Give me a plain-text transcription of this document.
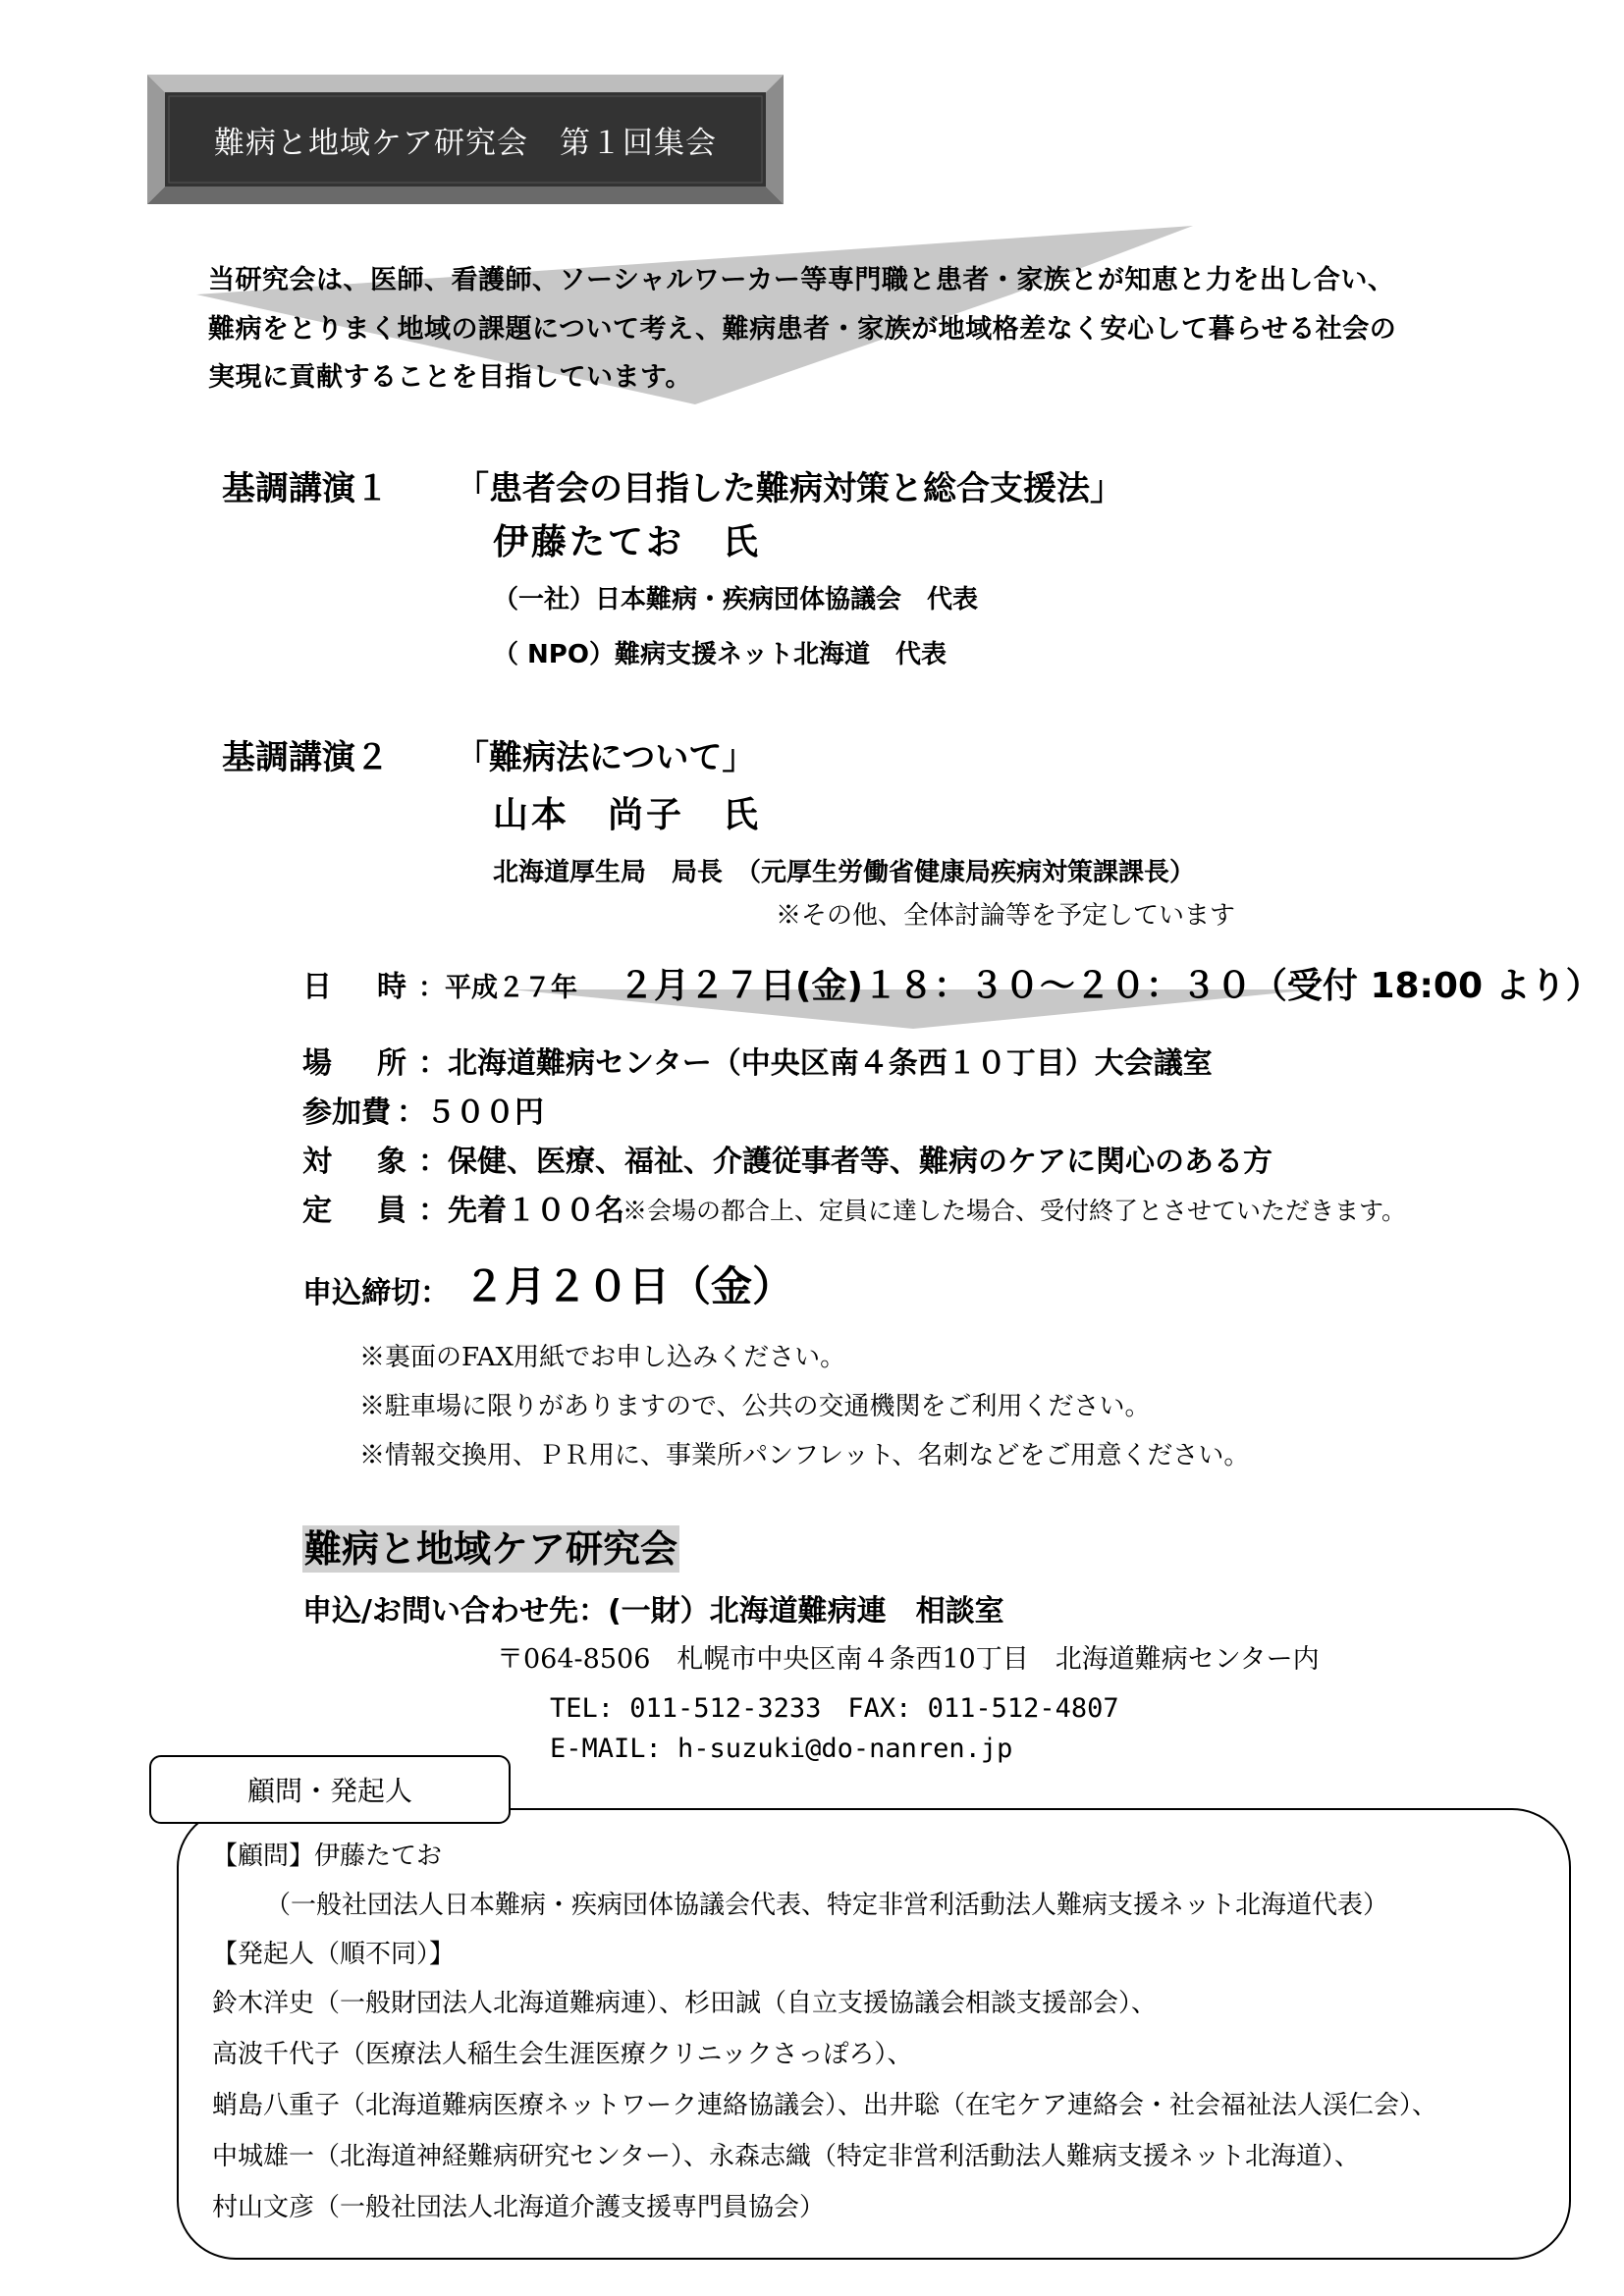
難病と地域ケア研究会　第１回集会
当研究会は、医師、看護師、ソーシャルワーカー等専門職と患者・家族とが知恵と力を出し合い、
難病をとりまく地域の課題について考え、難病患者・家族が地域格差なく安心して暮らせる社会の
実現に貢献することを目指しています。
基調講演１ 「患者会の目指した難病対策と総合支援法」
伊藤たてお　氏
（一社）日本難病・疾病団体協議会　代表
（ NPO）難病支援ネット北海道　代表
基調講演２ 「難病法について」
山本　尚子　氏
北海道厚生局　局長　（元厚生労働省健康局疾病対策課課長）
※その他、全体討論等を予定しています
日　時 ：平成２７年 ２月２７日(金)１８：３０～２０：３０（受付 18:00 より）
場　所 ：北海道難病センター（中央区南４条西１０丁目）大会議室
参加費 ：５００円
対　象 ：保健、医療、福祉、介護従事者等、難病のケアに関心のある方
定　員 ：先着１００名
※会場の都合上、定員に達した場合、受付終了とさせていただきます。
申込締切： ２月２０日（金）
※裏面のFAX用紙でお申し込みください。
※駐車場に限りがありますので、公共の交通機関をご利用ください。
※情報交換用、ＰＲ用に、事業所パンフレット、名刺などをご用意ください。
難病と地域ケア研究会
申込/お問い合わせ先：(一財）北海道難病連　相談室
〒064-8506　札幌市中央区南４条西10丁目　北海道難病センター内
TEL: 011-512-3233　FAX: 011-512-4807
E-MAIL: h-suzuki@do-nanren.jp
顧問・発起人
【顧問】伊藤たてお
（一般社団法人日本難病・疾病団体協議会代表、特定非営利活動法人難病支援ネット北海道代表）
【発起人（順不同）】
鈴木洋史（一般財団法人北海道難病連）、杉田誠（自立支援協議会相談支援部会）、
高波千代子（医療法人稲生会生涯医療クリニックさっぽろ）、
蛸島八重子（北海道難病医療ネットワーク連絡協議会）、出井聡（在宅ケア連絡会・社会福祉法人渓仁会）、
中城雄一（北海道神経難病研究センター）、永森志織（特定非営利活動法人難病支援ネット北海道）、
村山文彦（一般社団法人北海道介護支援専門員協会）
